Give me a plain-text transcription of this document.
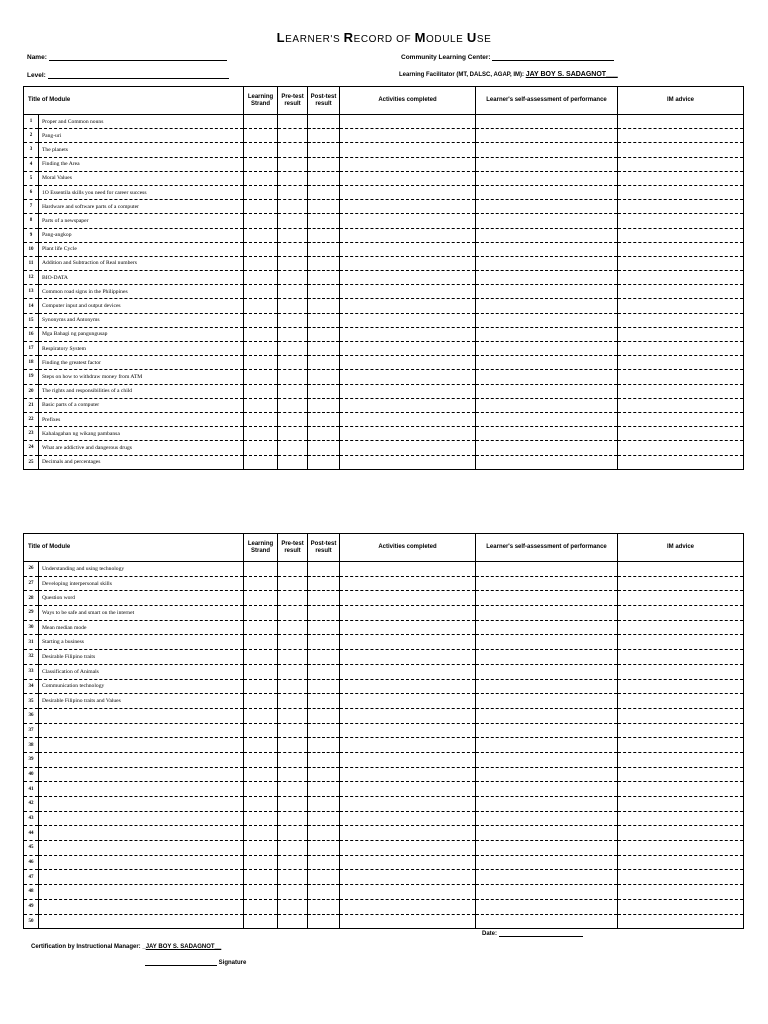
LEARNER'S RECORD OF MODULE USE
Name:	Community Learning Center:
Level:	Learning Facilitator (MT, DALSC, AGAP, IM): JAY BOY S. SADAGNOT___
Title of Module		Learning Strand	Pre-test result	Post-test result	Activities completed	Learner's self-assessment of performance	IM advice
1	Proper and Common nouns						
2	Pang-uri						
3	The planets						
4	Finding the Area						
5	Moral Values						
6	1O Essentila skills you need for career success						
7	Hardware and software parts of a computer						
8	Parts of a newspaper						
9	Pang-angkop						
10	Plant life Cycle						
11	Addition and Subtraction of Real numbers						
12	BIO-DATA						
13	Common road signs in the Philippines						
14	Computer input and output devices						
15	Synonyms and Antonyms						
16	Mga Bahagi ng pangungusap						
17	Respiratory System						
18	Finding the greatest factor						
19	Steps on how to withdraw money from ATM						
20	The rights and responsibilities of a child						
21	Basic parts of a computer						
22	Prefixes						
23	Kahalagahan ng wikang pambansa						
24	What are addictive and dangerous drugs						
25	Decimals and percentages						
Title of Module		Learning Strand	Pre-test result	Post-test result	Activities completed	Learner's self-assessment of performance	IM advice
26	Understanding and using technology						
27	Developing interpersonal skills						
28	Question word						
29	Ways to be safe and smart on the internet						
30	Mean median mode						
31	Starting a business						
32	Desirable Filipino traits						
33	Classification of Animals						
34	Communication technology						
35	Desirable Filipino traits and Values						
36							
37							
38							
39							
40							
41							
42							
43							
44							
45							
46							
47							
48							
49							
50							
Date:
Certification by Instructional Manager: _JAY BOY S. SADAGNOT__
Signature
